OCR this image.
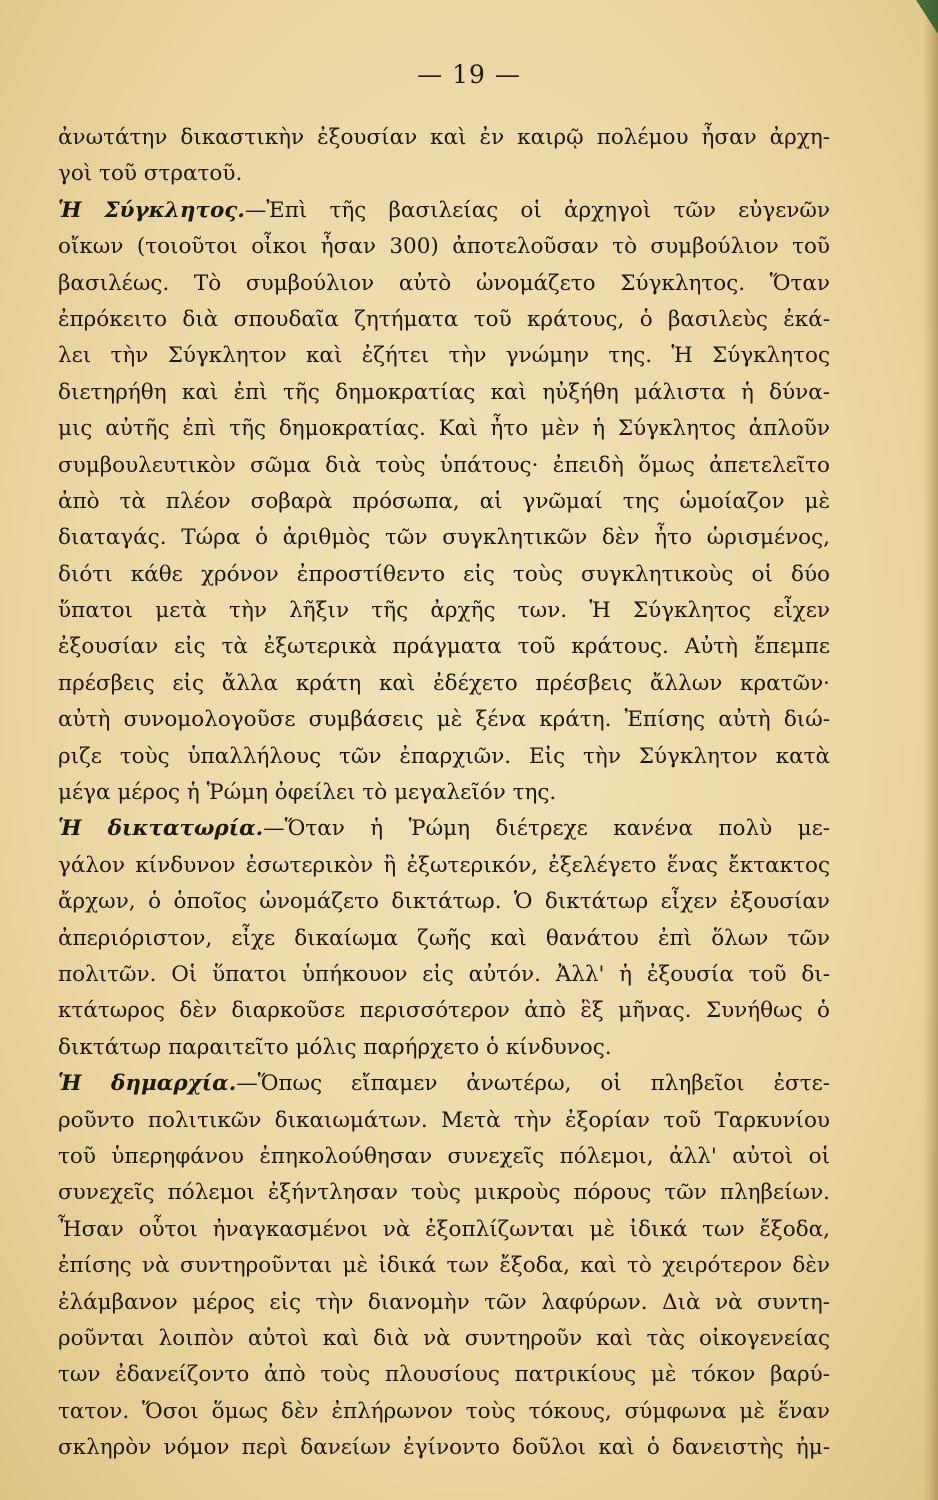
— 19 —
ἀνωτάτην δικαστικὴν ἐξουσίαν καὶ ἐν καιρῷ πολέμου ἦσαν ἀρχη-
γοὶ τοῦ στρατοῦ.
Ἡ Σύγκλητος.—Ἐπὶ τῆς βασιλείας οἱ ἀρχηγοὶ τῶν εὐγενῶν
οἴκων (τοιοῦτοι οἶκοι ἦσαν 300) ἀποτελοῦσαν τὸ συμβούλιον τοῦ
βασιλέως. Τὸ συμβούλιον αὐτὸ ὠνομάζετο Σύγκλητος. Ὅταν
ἐπρόκειτο διὰ σπουδαῖα ζητήματα τοῦ κράτους, ὁ βασιλεὺς ἐκά-
λει τὴν Σύγκλητον καὶ ἐζήτει τὴν γνώμην της. Ἡ Σύγκλητος
διετηρήθη καὶ ἐπὶ τῆς δημοκρατίας καὶ ηὐξήθη μάλιστα ἡ δύνα-
μις αὐτῆς ἐπὶ τῆς δημοκρατίας. Καὶ ἦτο μὲν ἡ Σύγκλητος ἁπλοῦν
συμβουλευτικὸν σῶμα διὰ τοὺς ὑπάτους· ἐπειδὴ ὅμως ἀπετελεῖτο
ἀπὸ τὰ πλέον σοβαρὰ πρόσωπα, αἱ γνῶμαί της ὡμοίαζον μὲ
διαταγάς. Τώρα ὁ ἀριθμὸς τῶν συγκλητικῶν δὲν ἦτο ὡρισμένος,
διότι κάθε χρόνον ἐπροστίθεντο εἰς τοὺς συγκλητικοὺς οἱ δύο
ὕπατοι μετὰ τὴν λῆξιν τῆς ἀρχῆς των. Ἡ Σύγκλητος εἶχεν
ἐξουσίαν εἰς τὰ ἐξωτερικὰ πράγματα τοῦ κράτους. Αὐτὴ ἔπεμπε
πρέσβεις εἰς ἄλλα κράτη καὶ ἐδέχετο πρέσβεις ἄλλων κρατῶν·
αὐτὴ συνομολογοῦσε συμβάσεις μὲ ξένα κράτη. Ἐπίσης αὐτὴ διώ-
ριζε τοὺς ὑπαλλήλους τῶν ἐπαρχιῶν. Εἰς τὴν Σύγκλητον κατὰ
μέγα μέρος ἡ Ῥώμη ὀφείλει τὸ μεγαλεῖόν της.
Ἡ δικτατωρία.—Ὅταν ἡ Ῥώμη διέτρεχε κανένα πολὺ με-
γάλον κίνδυνον ἐσωτερικὸν ἢ ἐξωτερικόν, ἐξελέγετο ἕνας ἔκτακτος
ἄρχων, ὁ ὁποῖος ὠνομάζετο δικτάτωρ. Ὁ δικτάτωρ εἶχεν ἐξουσίαν
ἀπεριόριστον, εἶχε δικαίωμα ζωῆς καὶ θανάτου ἐπὶ ὅλων τῶν
πολιτῶν. Οἱ ὕπατοι ὑπήκουον εἰς αὐτόν. Ἀλλ' ἡ ἐξουσία τοῦ δι-
κτάτωρος δὲν διαρκοῦσε περισσότερον ἀπὸ ἓξ μῆνας. Συνήθως ὁ
δικτάτωρ παραιτεῖτο μόλις παρήρχετο ὁ κίνδυνος.
Ἡ δημαρχία.—Ὅπως εἴπαμεν ἀνωτέρω, οἱ πληβεῖοι ἐστε-
ροῦντο πολιτικῶν δικαιωμάτων. Μετὰ τὴν ἐξορίαν τοῦ Ταρκυνίου
τοῦ ὑπερηφάνου ἐπηκολούθησαν συνεχεῖς πόλεμοι, ἀλλ' αὐτοὶ οἱ
συνεχεῖς πόλεμοι ἐξήντλησαν τοὺς μικροὺς πόρους τῶν πληβείων.
Ἦσαν οὗτοι ἠναγκασμένοι νὰ ἐξοπλίζωνται μὲ ἰδικά των ἔξοδα,
ἐπίσης νὰ συντηροῦνται μὲ ἰδικά των ἔξοδα, καὶ τὸ χειρότερον δὲν
ἐλάμβανον μέρος εἰς τὴν διανομὴν τῶν λαφύρων. Διὰ νὰ συντη-
ροῦνται λοιπὸν αὐτοὶ καὶ διὰ νὰ συντηροῦν καὶ τὰς οἰκογενείας
των ἐδανείζοντο ἀπὸ τοὺς πλουσίους πατρικίους μὲ τόκον βαρύ-
τατον. Ὅσοι ὅμως δὲν ἐπλήρωνον τοὺς τόκους, σύμφωνα μὲ ἕναν
σκληρὸν νόμον περὶ δανείων ἐγίνοντο δοῦλοι καὶ ὁ δανειστὴς ἠμ-
